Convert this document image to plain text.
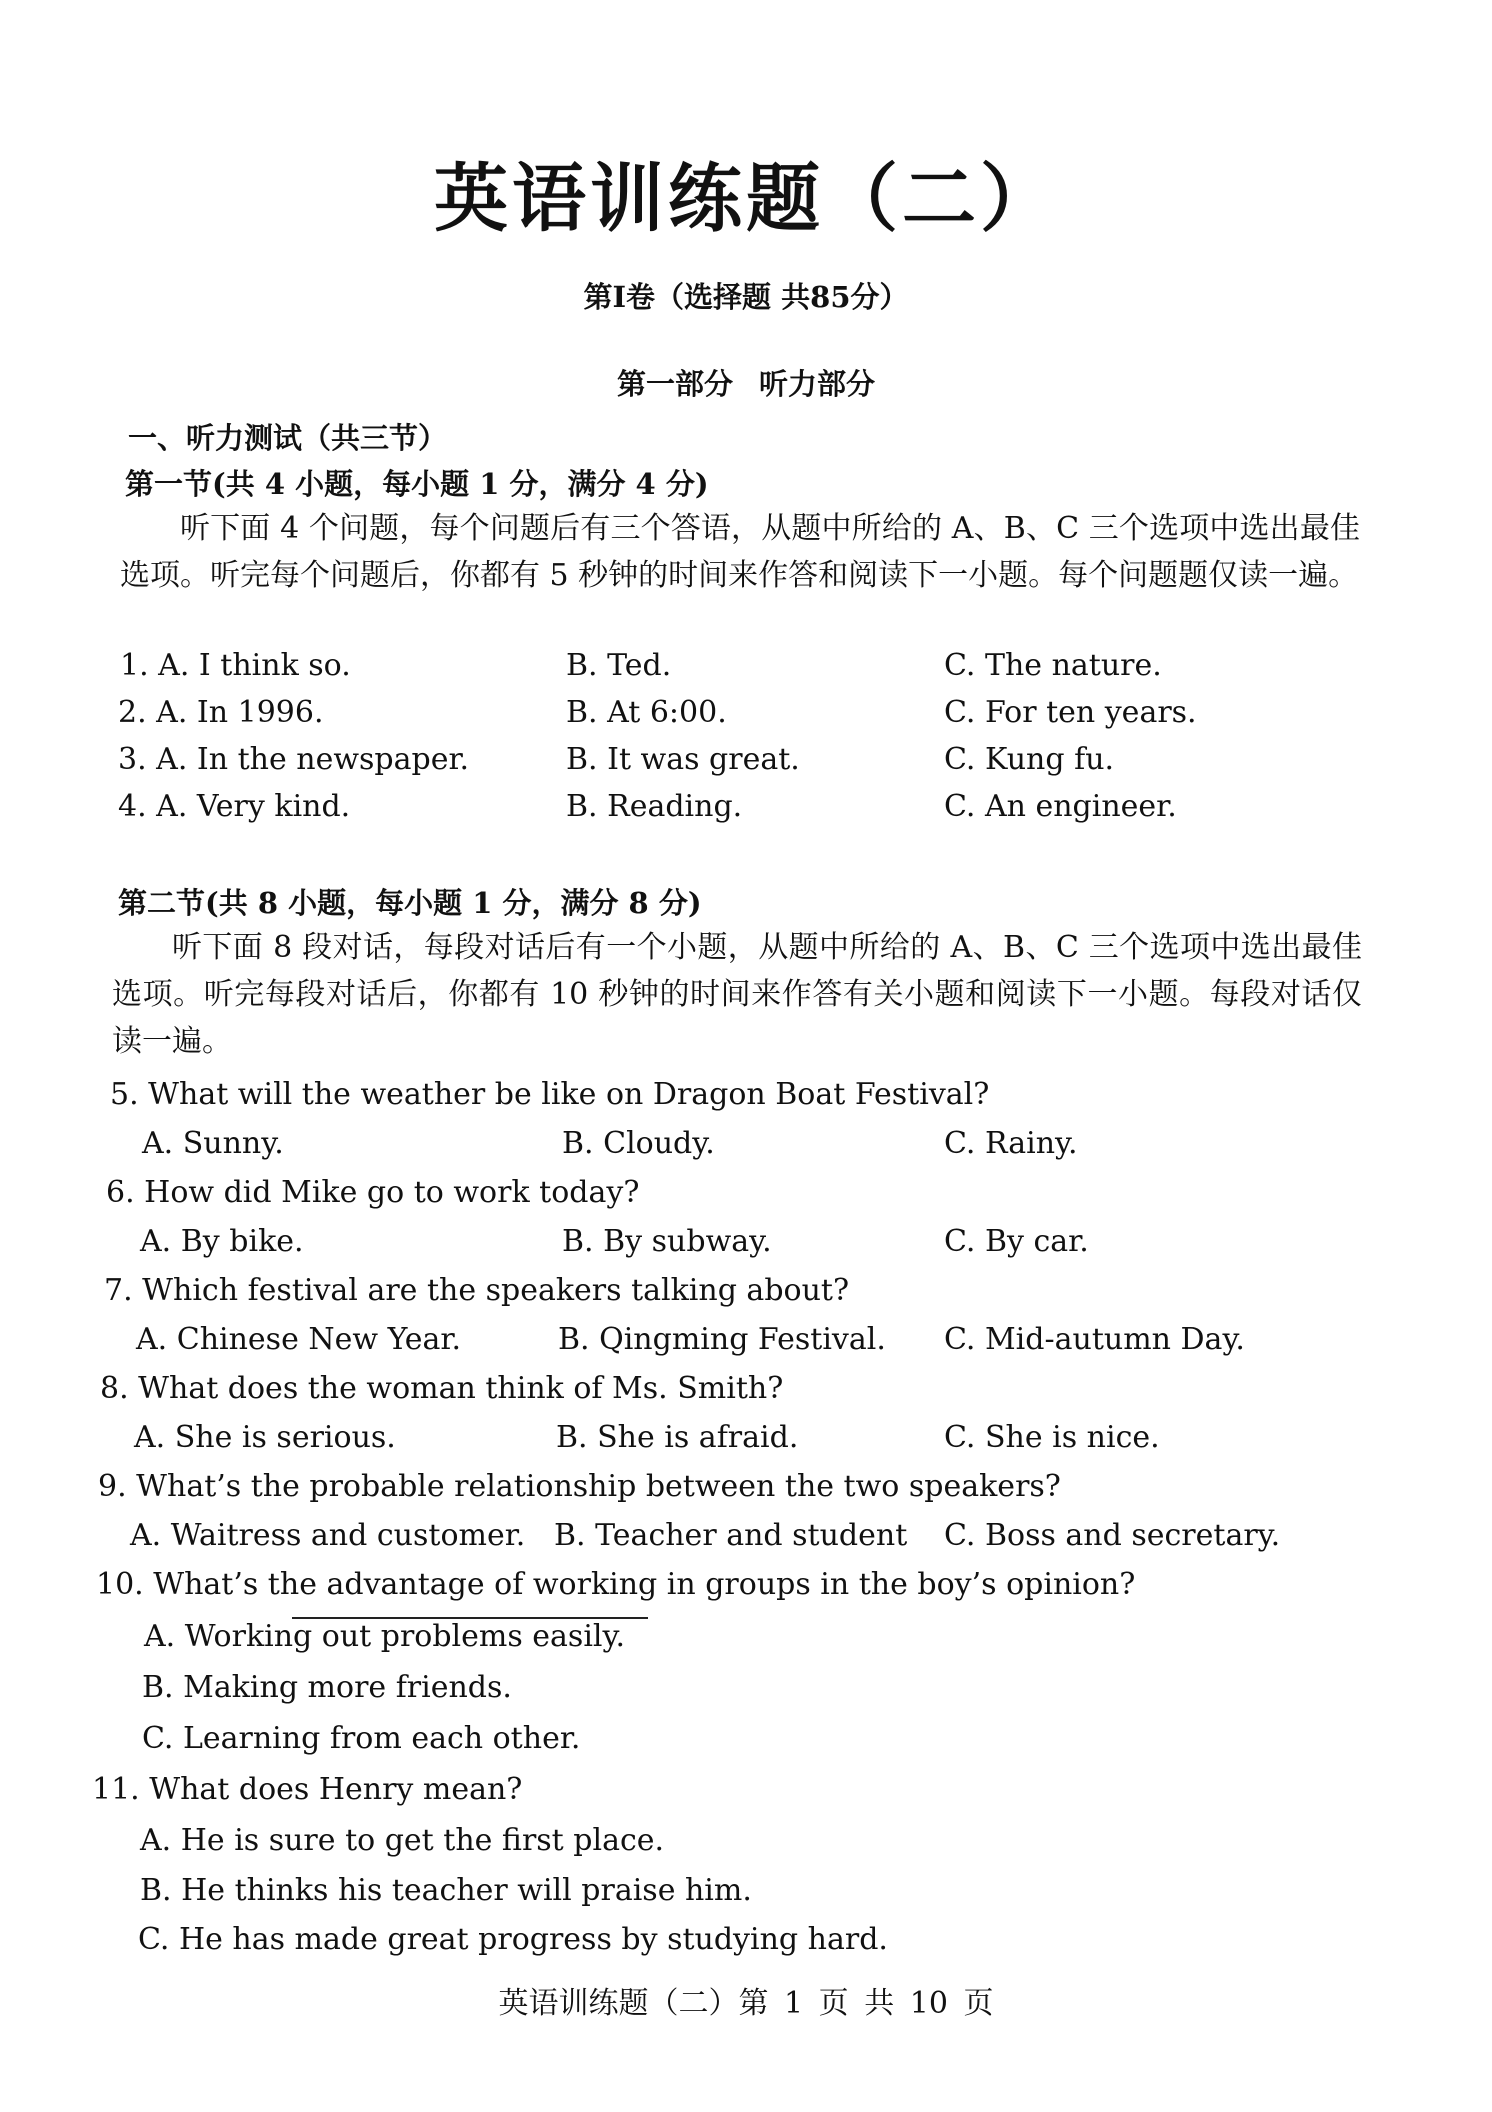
英语训练题（二）
第Ⅰ卷（选择题 共85分）
第一部分 听力部分
一、听力测试（共三节）
第一节(共 4 小题，每小题 1 分，满分 4 分)
听下面 4 个问题，每个问题后有三个答语，从题中所给的 A、B、C 三个选项中选出最佳选项。听完每个问题后，你都有 5 秒钟的时间来作答和阅读下一小题。每个问题题仅读一遍。
1. A. I think so.	B. Ted.	C. The nature.
2. A. In 1996.	B. At 6:00.	C. For ten years.
3. A. In the newspaper.	B. It was great.	C. Kung fu.
4. A. Very kind.	B. Reading.	C. An engineer.
第二节(共 8 小题，每小题 1 分，满分 8 分)
听下面 8 段对话，每段对话后有一个小题，从题中所给的 A、B、C 三个选项中选出最佳选项。听完每段对话后，你都有 10 秒钟的时间来作答有关小题和阅读下一小题。每段对话仅读一遍。
5. What will the weather be like on Dragon Boat Festival?
A. Sunny.	B. Cloudy.	C. Rainy.
6. How did Mike go to work today?
A. By bike.	B. By subway.	C. By car.
7. Which festival are the speakers talking about?
A. Chinese New Year.	B. Qingming Festival. C. Mid-autumn Day.
8. What does the woman think of Ms. Smith?
A. She is serious.	B. She is afraid.	C. She is nice.
9. What’s the probable relationship between the two speakers?
A. Waitress and customer. B. Teacher and student C. Boss and secretary.
10. What’s the advantage of working in groups in the boy’s opinion?
A. Working out problems easily.
B. Making more friends.
C. Learning from each other.
11. What does Henry mean?
A. He is sure to get the first place.
B. He thinks his teacher will praise him.
C. He has made great progress by studying hard.
英语训练题（二）第 1 页 共 10 页
